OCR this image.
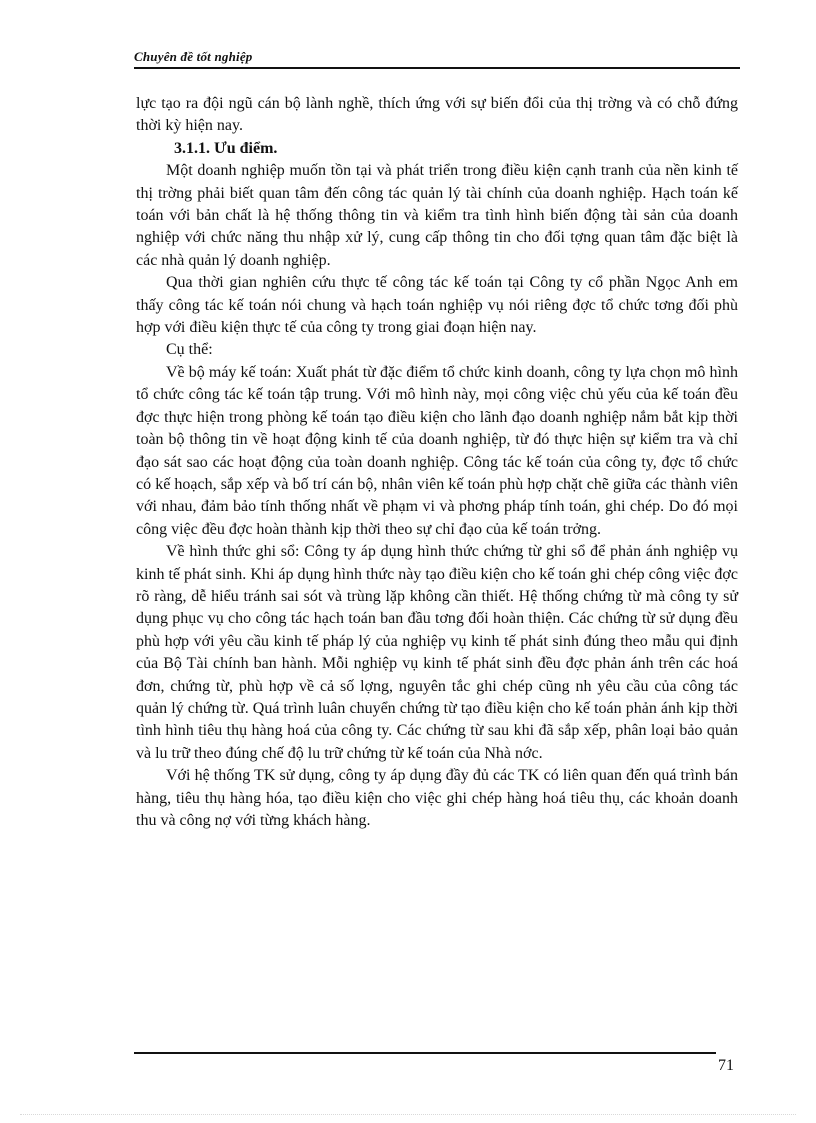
Chuyên đề tốt nghiệp

lực tạo ra đội ngũ cán bộ lành nghề, thích ứng với sự biến đổi của thị trờng và có chỗ đứng thời kỳ hiện nay.

3.1.1. Ưu điểm.

Một doanh nghiệp muốn tồn tại và phát triển trong điều kiện cạnh tranh của nền kinh tế thị trờng phải biết quan tâm đến công tác quản lý tài chính của doanh nghiệp. Hạch toán kế toán với bản chất là hệ thống thông tin và kiểm tra tình hình biến động tài sản của doanh nghiệp với chức năng thu nhập xử lý, cung cấp thông tin cho đối tợng quan tâm đặc biệt là các nhà quản lý doanh nghiệp.

Qua thời gian nghiên cứu thực tế công tác kế toán tại Công ty cổ phần Ngọc Anh em thấy công tác kế toán nói chung và hạch toán nghiệp vụ nói riêng đợc tổ chức tơng đối phù hợp với điều kiện thực tế của công ty trong giai đoạn hiện nay.

Cụ thể:

Về bộ máy kế toán: Xuất phát từ đặc điểm tổ chức kinh doanh, công ty lựa chọn mô hình tổ chức công tác kế toán tập trung. Với mô hình này, mọi công việc chủ yếu của kế toán đều đợc thực hiện trong phòng kế toán tạo điều kiện cho lãnh đạo doanh nghiệp nắm bắt kịp thời toàn bộ thông tin về hoạt động kinh tế của doanh nghiệp, từ đó thực hiện sự kiểm tra và chỉ đạo sát sao các hoạt động của toàn doanh nghiệp. Công tác kế toán của công ty, đợc tổ chức có kế hoạch, sắp xếp và bố trí cán bộ, nhân viên kế toán phù hợp chặt chẽ giữa các thành viên với nhau, đảm bảo tính thống nhất về phạm vi và phơng pháp tính toán, ghi chép. Do đó mọi công việc đều đợc hoàn thành kịp thời theo sự chỉ đạo của kế toán trởng.

Về hình thức ghi sổ: Công ty áp dụng hình thức chứng từ ghi sổ để phản ánh nghiệp vụ kinh tế phát sinh. Khi áp dụng hình thức này tạo điều kiện cho kế toán ghi chép công việc đợc rõ ràng, dễ hiểu tránh sai sót và trùng lặp không cần thiết. Hệ thống chứng từ mà công ty sử dụng phục vụ cho công tác hạch toán ban đầu tơng đối hoàn thiện. Các chứng từ sử dụng đều phù hợp với yêu cầu kinh tế pháp lý của nghiệp vụ kinh tế phát sinh đúng theo mẫu qui định của Bộ Tài chính ban hành. Mỗi nghiệp vụ kinh tế phát sinh đều đợc phản ánh trên các hoá đơn, chứng từ, phù hợp về cả số lợng, nguyên tắc ghi chép cũng nh yêu cầu của công tác quản lý chứng từ. Quá trình luân chuyển chứng từ tạo điều kiện cho kế toán phản ánh kịp thời tình hình tiêu thụ hàng hoá của công ty. Các chứng từ sau khi đã sắp xếp, phân loại bảo quản và lu trữ theo đúng chế độ lu trữ chứng từ kế toán của Nhà nớc.

Với hệ thống TK sử dụng, công ty áp dụng đầy đủ các TK có liên quan đến quá trình bán hàng, tiêu thụ hàng hóa, tạo điều kiện cho việc ghi chép hàng hoá tiêu thụ, các khoản doanh thu và công nợ với từng khách hàng.

71
